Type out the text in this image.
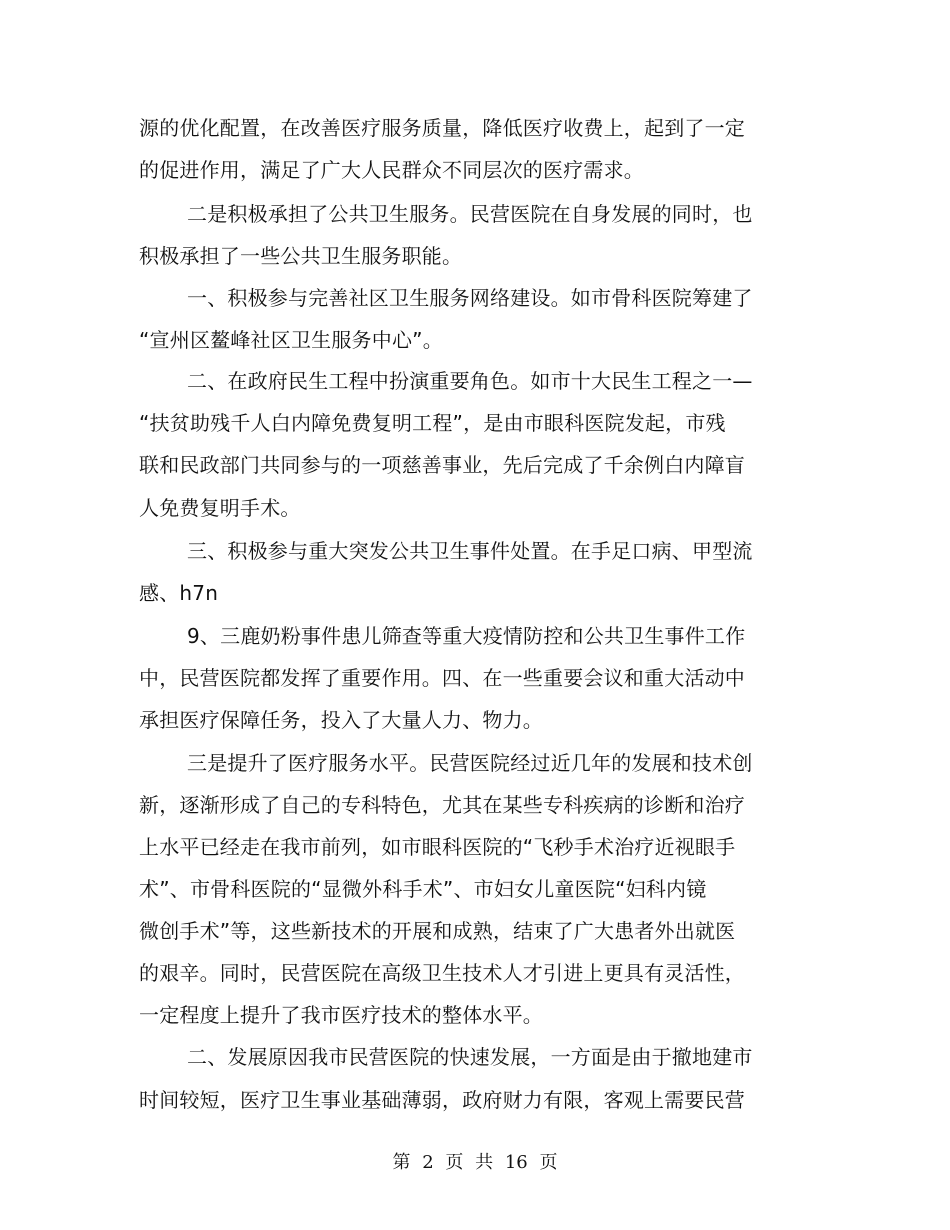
源的优化配置，在改善医疗服务质量，降低医疗收费上，起到了一定
的促进作用，满足了广大人民群众不同层次的医疗需求。
二是积极承担了公共卫生服务。民营医院在自身发展的同时，也
积极承担了一些公共卫生服务职能。
一、积极参与完善社区卫生服务网络建设。如市骨科医院筹建了
“宣州区鳌峰社区卫生服务中心”。
二、在政府民生工程中扮演重要角色。如市十大民生工程之一—
“扶贫助残千人白内障免费复明工程”，是由市眼科医院发起，市残
联和民政部门共同参与的一项慈善事业，先后完成了千余例白内障盲
人免费复明手术。
三、积极参与重大突发公共卫生事件处置。在手足口病、甲型流
感、h7n
9、三鹿奶粉事件患儿筛查等重大疫情防控和公共卫生事件工作
中，民营医院都发挥了重要作用。四、在一些重要会议和重大活动中
承担医疗保障任务，投入了大量人力、物力。
三是提升了医疗服务水平。民营医院经过近几年的发展和技术创
新，逐渐形成了自己的专科特色，尤其在某些专科疾病的诊断和治疗
上水平已经走在我市前列，如市眼科医院的“飞秒手术治疗近视眼手
术”、市骨科医院的“显微外科手术”、市妇女儿童医院“妇科内镜
微创手术”等，这些新技术的开展和成熟，结束了广大患者外出就医
的艰辛。同时，民营医院在高级卫生技术人才引进上更具有灵活性，
一定程度上提升了我市医疗技术的整体水平。
二、发展原因我市民营医院的快速发展，一方面是由于撤地建市
时间较短，医疗卫生事业基础薄弱，政府财力有限，客观上需要民营
第 2 页 共 16 页
